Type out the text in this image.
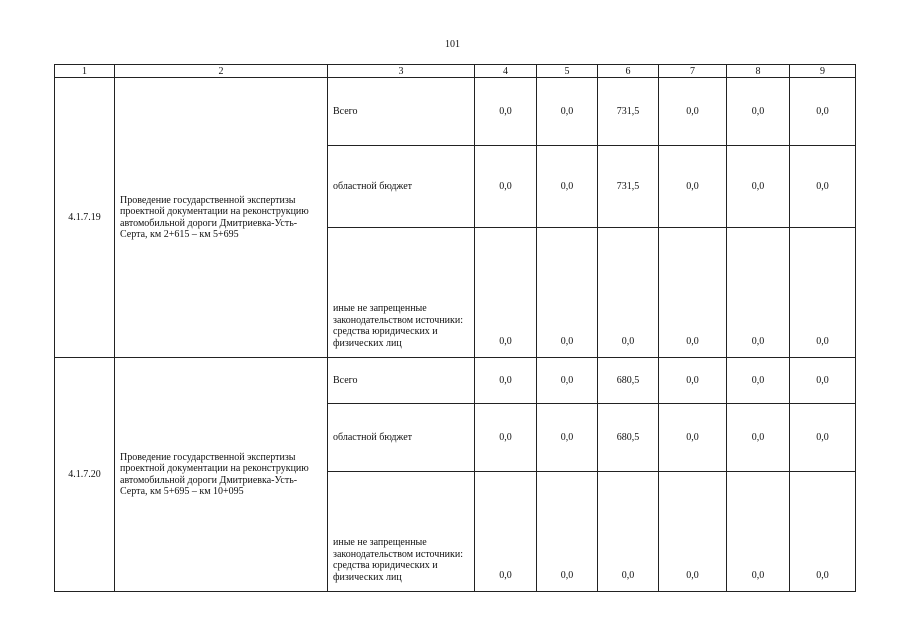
101
1	2	3	4	5	6	7	8	9
4.1.7.19	Проведение государственной экспертизы проектной документации на реконструкцию автомобильной дороги Дмитриевка-Усть-Серта, км 2+615 – км 5+695	Всего	0,0	0,0	731,5	0,0	0,0	0,0
		областной бюджет	0,0	0,0	731,5	0,0	0,0	0,0
		иные не запрещенные законодательством источники: средства юридических и физических лиц	0,0	0,0	0,0	0,0	0,0	0,0
4.1.7.20	Проведение государственной экспертизы проектной документации на реконструкцию автомобильной дороги Дмитриевка-Усть-Серта, км 5+695 – км 10+095	Всего	0,0	0,0	680,5	0,0	0,0	0,0
		областной бюджет	0,0	0,0	680,5	0,0	0,0	0,0
		иные не запрещенные законодательством источники: средства юридических и физических лиц	0,0	0,0	0,0	0,0	0,0	0,0
